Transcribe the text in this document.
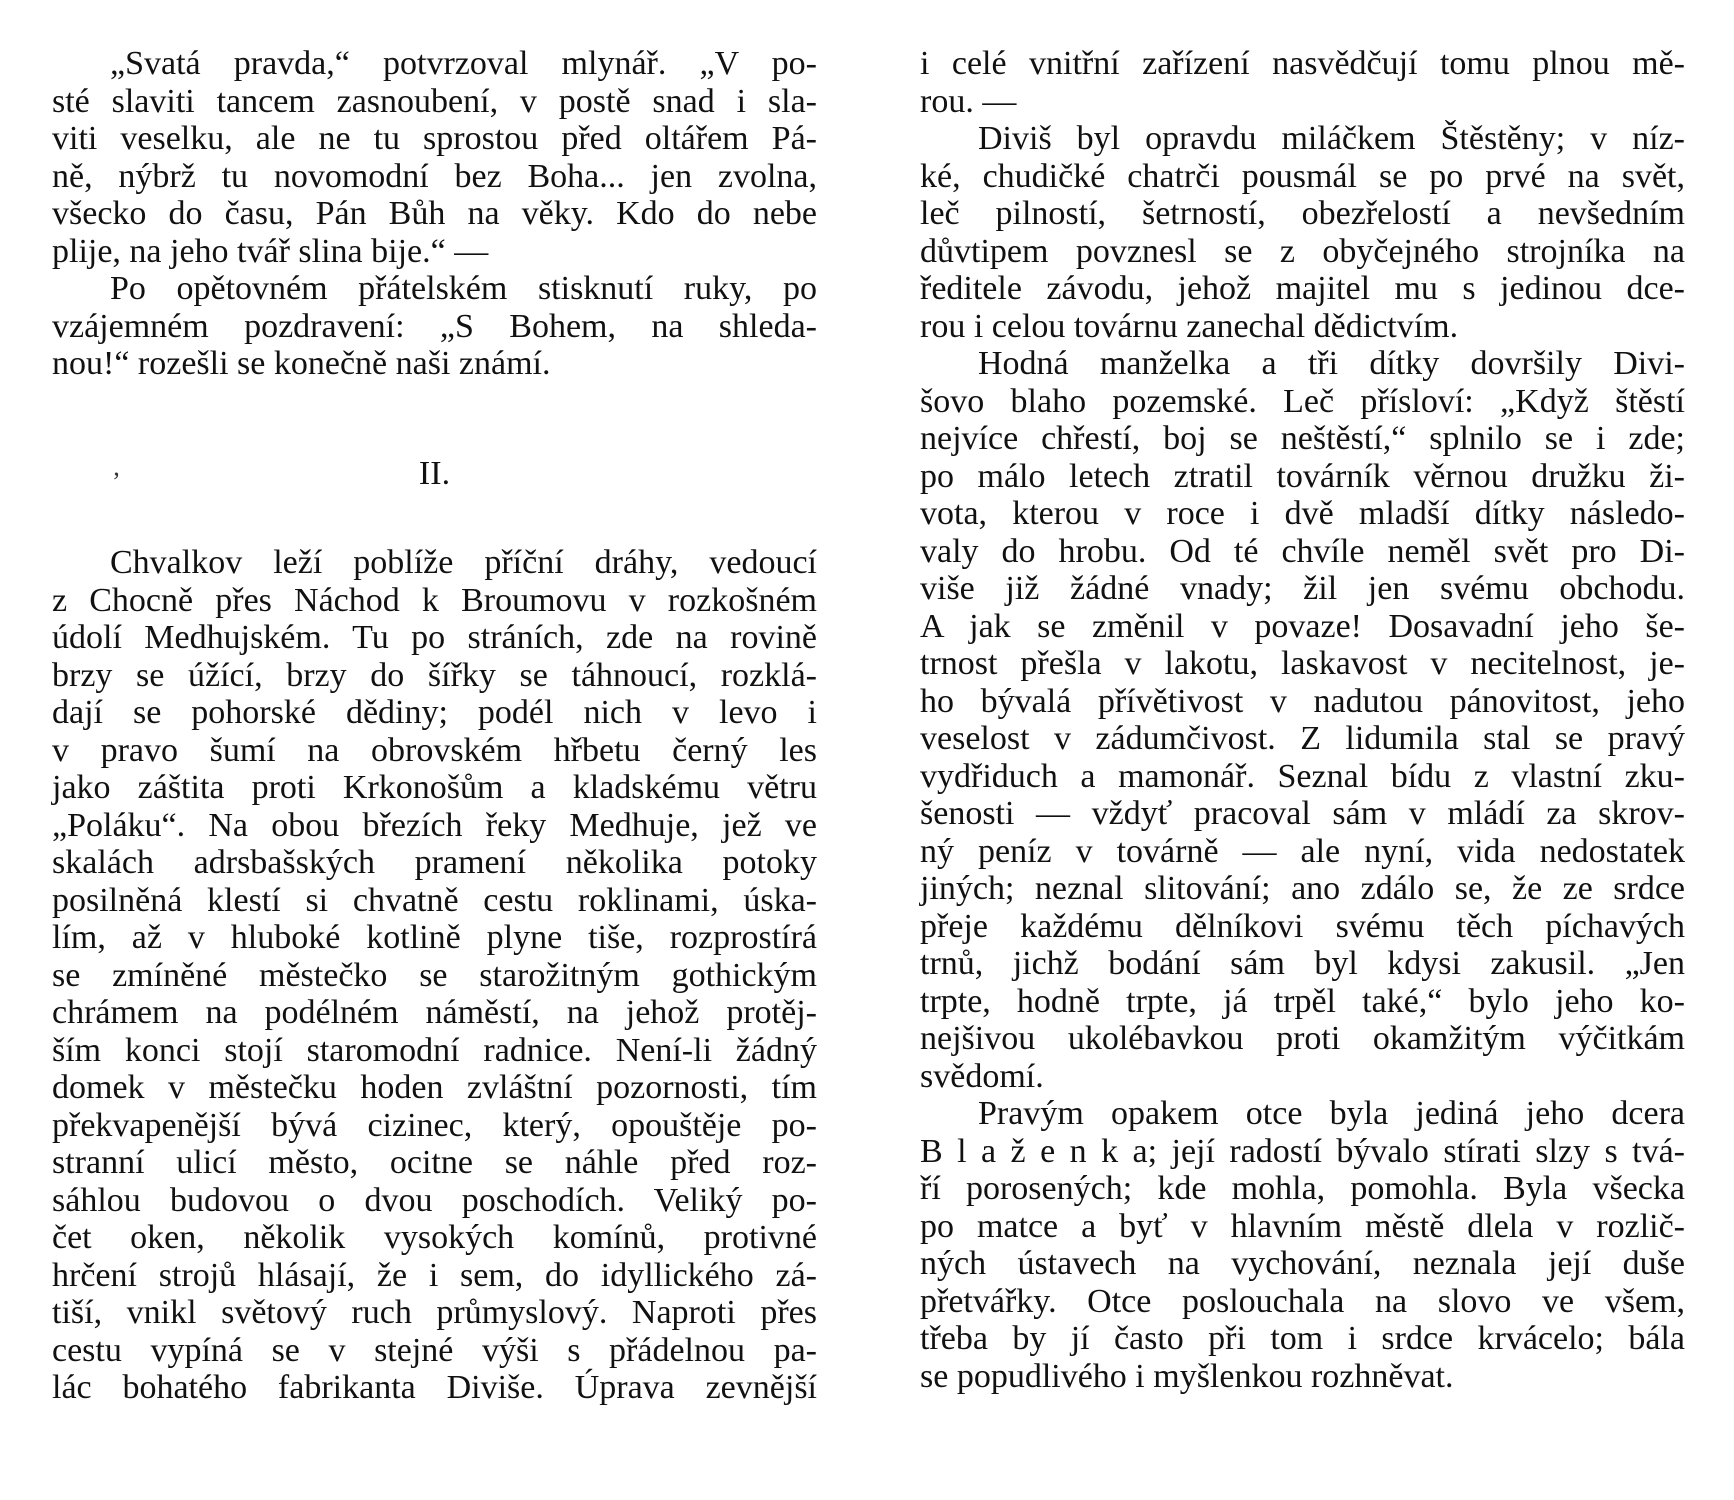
„Svatá pravda,“ potvrzoval mlynář. „V po-
sté slaviti tancem zasnoubení, v postě snad i sla-
viti veselku, ale ne tu sprostou před oltářem Pá-
ně, nýbrž tu novomodní bez Boha... jen zvolna,
všecko do času, Pán Bůh na věky. Kdo do nebe
plije, na jeho tvář slina bije.“ —
Po opětovném přátelském stisknutí ruky, po
vzájemném pozdravení: „S Bohem, na shleda-
nou!“ rozešli se konečně naši známí.
ʼ	II.
Chvalkov leží poblíže příční dráhy, vedoucí
z Chocně přes Náchod k Broumovu v rozkošném
údolí Medhujském. Tu po stráních, zde na rovině
brzy se úžící, brzy do šířky se táhnoucí, rozklá-
dají se pohorské dědiny; podél nich v levo i
v pravo šumí na obrovském hřbetu černý les
jako záštita proti Krkonošům a kladskému větru
„Poláku“. Na obou březích řeky Medhuje, jež ve
skalách adrsbašských pramení několika potoky
posilněná klestí si chvatně cestu roklinami, úska-
lím, až v hluboké kotlině plyne tiše, rozprostírá
se zmíněné městečko se starožitným gothickým
chrámem na podélném náměstí, na jehož protěj-
ším konci stojí staromodní radnice. Není-li žádný
domek v městečku hoden zvláštní pozornosti, tím
překvapenější bývá cizinec, který, opouštěje po-
stranní ulicí město, ocitne se náhle před roz-
sáhlou budovou o dvou poschodích. Veliký po-
čet oken, několik vysokých komínů, protivné
hrčení strojů hlásají, že i sem, do idyllického zá-
tiší, vnikl světový ruch průmyslový. Naproti přes
cestu vypíná se v stejné výši s přádelnou pa-
lác bohatého fabrikanta Diviše. Úprava zevnější
i celé vnitřní zařízení nasvědčují tomu plnou mě-
rou. —
Diviš byl opravdu miláčkem Štěstěny; v níz-
ké, chudičké chatrči pousmál se po prvé na svět,
leč pilností, šetrností, obezřelostí a nevšedním
důvtipem povznesl se z obyčejného strojníka na
ředitele závodu, jehož majitel mu s jedinou dce-
rou i celou továrnu zanechal dědictvím.
Hodná manželka a tři dítky dovršily Divi-
šovo blaho pozemské. Leč přísloví: „Když štěstí
nejvíce chřestí, boj se neštěstí,“ splnilo se i zde;
po málo letech ztratil továrník věrnou družku ži-
vota, kterou v roce i dvě mladší dítky následo-
valy do hrobu. Od té chvíle neměl svět pro Di-
više již žádné vnady; žil jen svému obchodu.
A jak se změnil v povaze! Dosavadní jeho še-
trnost přešla v lakotu, laskavost v necitelnost, je-
ho bývalá přívětivost v nadutou pánovitost, jeho
veselost v zádumčivost. Z lidumila stal se pravý
vydřiduch a mamonář. Seznal bídu z vlastní zku-
šenosti — vždyť pracoval sám v mládí za skrov-
ný peníz v továrně — ale nyní, vida nedostatek
jiných; neznal slitování; ano zdálo se, že ze srdce
přeje každému dělníkovi svému těch píchavých
trnů, jichž bodání sám byl kdysi zakusil. „Jen
trpte, hodně trpte, já trpěl také,“ bylo jeho ko-
nejšivou ukolébavkou proti okamžitým výčitkám
svědomí.
Pravým opakem otce byla jediná jeho dcera
B l a ž e n k a; její radostí bývalo stírati slzy s tvá-
ří porosených; kde mohla, pomohla. Byla všecka
po matce a byť v hlavním městě dlela v rozlič-
ných ústavech na vychování, neznala její duše
přetvářky. Otce poslouchala na slovo ve všem,
třeba by jí často při tom i srdce krvácelo; bála
se popudlivého i myšlenkou rozhněvat.
